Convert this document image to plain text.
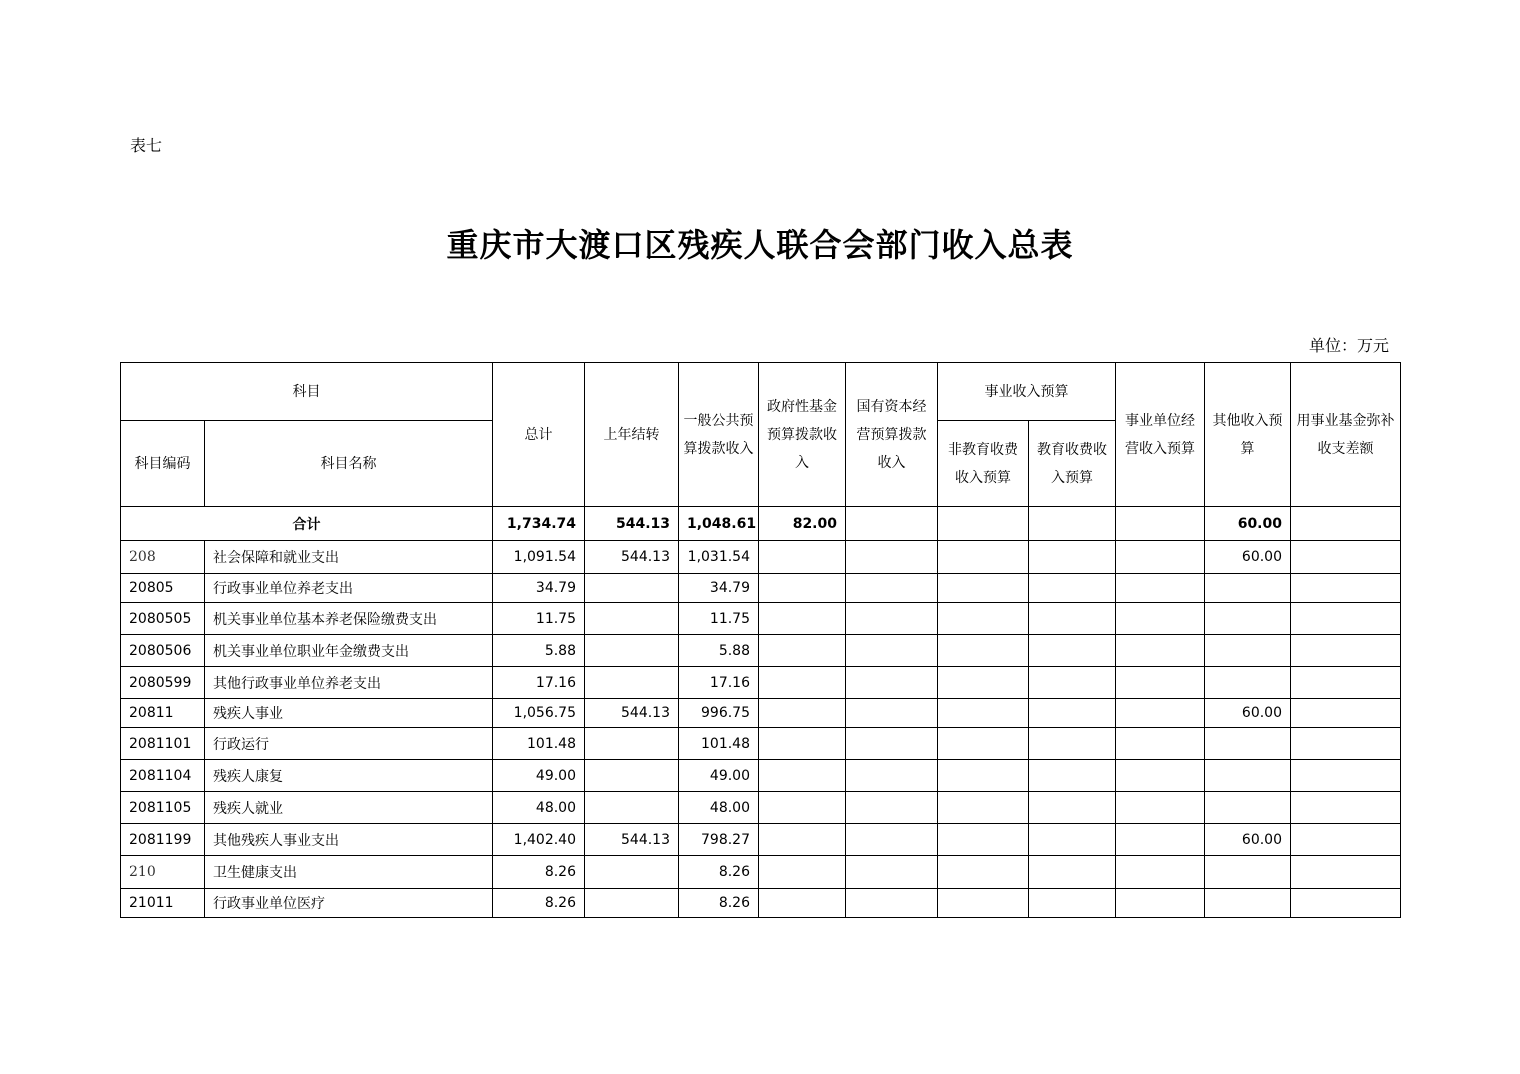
表七
重庆市大渡口区残疾人联合会部门收入总表
单位：万元
科目		总计	上年结转	一般公共预算拨款收入	政府性基金预算拨款收入	国有资本经营预算拨款收入	事业收入预算		事业单位经营收入预算	其他收入预算	用事业基金弥补收支差额
科目编码	科目名称						非教育收费收入预算	教育收费收入预算			
合计		1,734.74	544.13	1,048.61	82.00					60.00	
208	社会保障和就业支出	1,091.54	544.13	1,031.54						60.00	
20805	行政事业单位养老支出	34.79		34.79							
2080505	机关事业单位基本养老保险缴费支出	11.75		11.75							
2080506	机关事业单位职业年金缴费支出	5.88		5.88							
2080599	其他行政事业单位养老支出	17.16		17.16							
20811	残疾人事业	1,056.75	544.13	996.75						60.00	
2081101	行政运行	101.48		101.48							
2081104	残疾人康复	49.00		49.00							
2081105	残疾人就业	48.00		48.00							
2081199	其他残疾人事业支出	1,402.40	544.13	798.27						60.00	
210	卫生健康支出	8.26		8.26							
21011	行政事业单位医疗	8.26		8.26							
